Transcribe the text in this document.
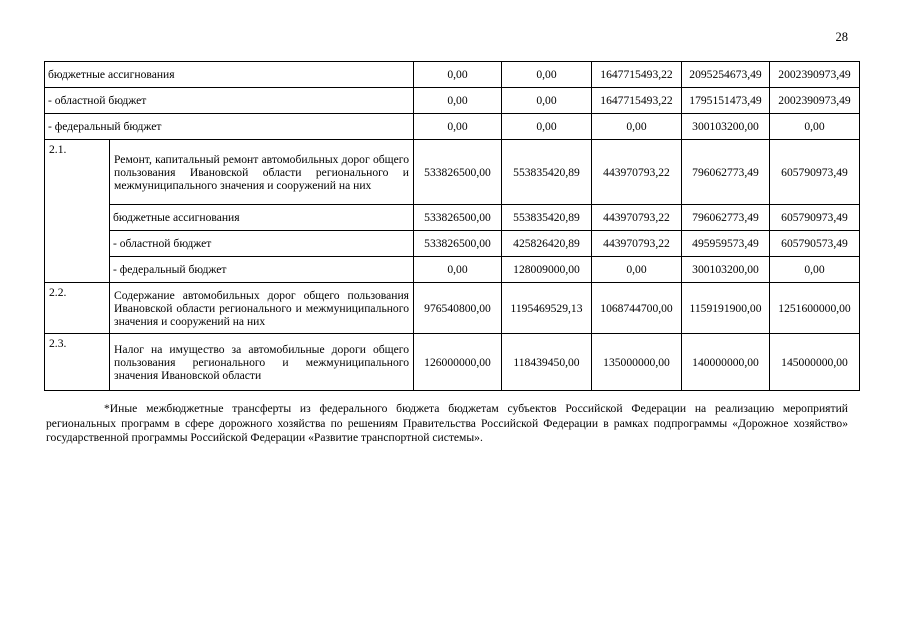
28
бюджетные ассигнования		0,00	0,00	1647715493,22	2095254673,49	2002390973,49
- областной бюджет		0,00	0,00	1647715493,22	1795151473,49	2002390973,49
- федеральный бюджет		0,00	0,00	0,00	300103200,00	0,00
2.1.	Ремонт, капитальный ремонт автомобильных дорог общего пользования Ивановской области регионального и межмуниципального значения и сооружений на них	533826500,00	553835420,89	443970793,22	796062773,49	605790973,49
	бюджетные ассигнования	533826500,00	553835420,89	443970793,22	796062773,49	605790973,49
	- областной бюджет	533826500,00	425826420,89	443970793,22	495959573,49	605790573,49
	- федеральный бюджет	0,00	128009000,00	0,00	300103200,00	0,00
2.2.	Содержание автомобильных дорог общего пользования Ивановской области регионального и межмуниципального значения и сооружений на них	976540800,00	1195469529,13	1068744700,00	1159191900,00	1251600000,00
2.3.	Налог на имущество за автомобильные дороги общего пользования регионального и межмуниципального значения Ивановской области	126000000,00	118439450,00	135000000,00	140000000,00	145000000,00
*Иные межбюджетные трансферты из федерального бюджета бюджетам субъектов Российской Федерации на реализацию мероприятий региональных программ в сфере дорожного хозяйства по решениям Правительства Российской Федерации в рамках подпрограммы «Дорожное хозяйство» государственной программы Российской Федерации «Развитие транспортной системы».
